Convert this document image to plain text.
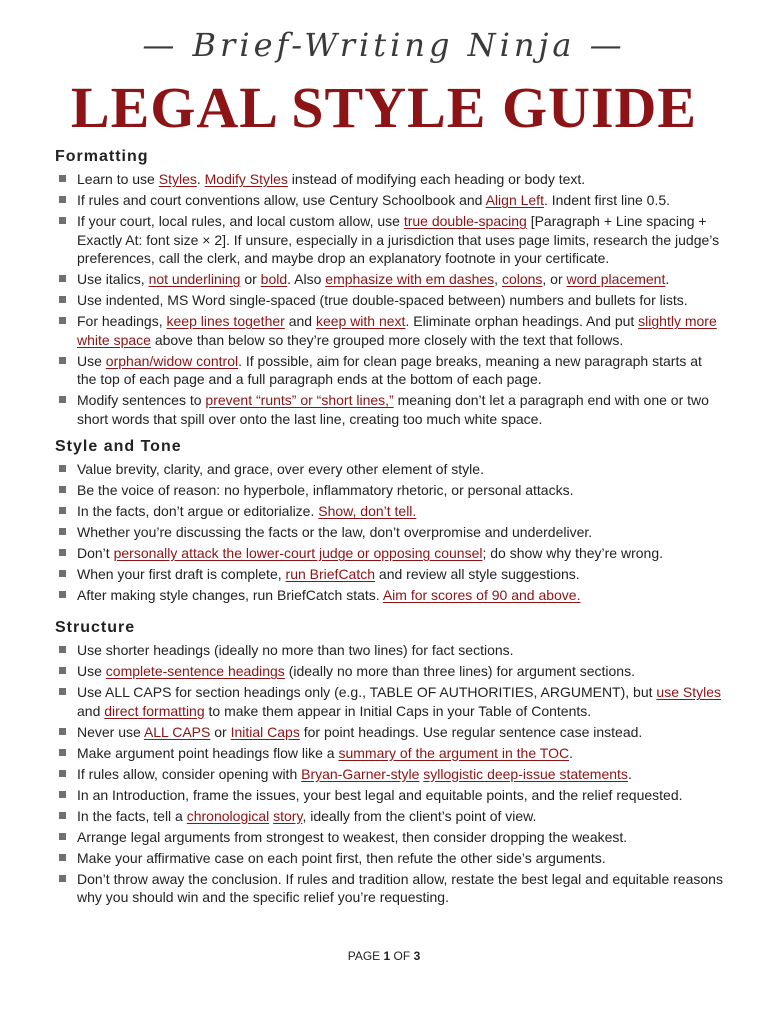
— Brief-Writing Ninja —
LEGAL STYLE GUIDE
Formatting
Learn to use Styles. Modify Styles instead of modifying each heading or body text.
If rules and court conventions allow, use Century Schoolbook and Align Left. Indent first line 0.5.
If your court, local rules, and local custom allow, use true double-spacing [Paragraph + Line spacing + Exactly At: font size × 2]. If unsure, especially in a jurisdiction that uses page limits, research the judge’s preferences, call the clerk, and maybe drop an explanatory footnote in your certificate.
Use italics, not underlining or bold. Also emphasize with em dashes, colons, or word placement.
Use indented, MS Word single-spaced (true double-spaced between) numbers and bullets for lists.
For headings, keep lines together and keep with next. Eliminate orphan headings. And put slightly more white space above than below so they’re grouped more closely with the text that follows.
Use orphan/widow control. If possible, aim for clean page breaks, meaning a new paragraph starts at the top of each page and a full paragraph ends at the bottom of each page.
Modify sentences to prevent “runts” or “short lines,” meaning don’t let a paragraph end with one or two short words that spill over onto the last line, creating too much white space.
Style and Tone
Value brevity, clarity, and grace, over every other element of style.
Be the voice of reason: no hyperbole, inflammatory rhetoric, or personal attacks.
In the facts, don’t argue or editorialize. Show, don’t tell.
Whether you’re discussing the facts or the law, don’t overpromise and underdeliver.
Don’t personally attack the lower-court judge or opposing counsel; do show why they’re wrong.
When your first draft is complete, run BriefCatch and review all style suggestions.
After making style changes, run BriefCatch stats. Aim for scores of 90 and above.
Structure
Use shorter headings (ideally no more than two lines) for fact sections.
Use complete-sentence headings (ideally no more than three lines) for argument sections.
Use ALL CAPS for section headings only (e.g., TABLE OF AUTHORITIES, ARGUMENT), but use Styles and direct formatting to make them appear in Initial Caps in your Table of Contents.
Never use ALL CAPS or Initial Caps for point headings. Use regular sentence case instead.
Make argument point headings flow like a summary of the argument in the TOC.
If rules allow, consider opening with Bryan-Garner-style syllogistic deep-issue statements.
In an Introduction, frame the issues, your best legal and equitable points, and the relief requested.
In the facts, tell a chronological story, ideally from the client’s point of view.
Arrange legal arguments from strongest to weakest, then consider dropping the weakest.
Make your affirmative case on each point first, then refute the other side’s arguments.
Don’t throw away the conclusion. If rules and tradition allow, restate the best legal and equitable reasons why you should win and the specific relief you’re requesting.
PAGE 1 OF 3
